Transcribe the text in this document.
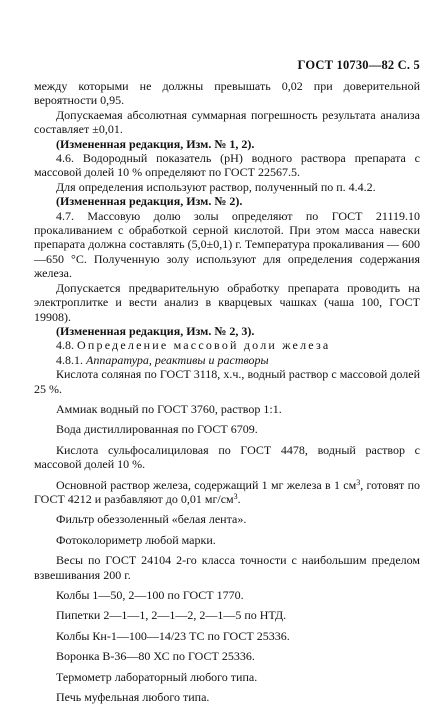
ГОСТ 10730—82 С. 5

между которыми не должны превышать 0,02 при доверительной вероятности 0,95.

Допускаемая абсолютная суммарная погрешность результата анализа составляет ±0,01.

(Измененная редакция, Изм. № 1, 2).

4.6. Водородный показатель (pH) водного раствора препарата с массовой долей 10 % определяют по ГОСТ 22567.5.

Для определения используют раствор, полученный по п. 4.4.2.

(Измененная редакция, Изм. № 2).

4.7. Массовую долю золы определяют по ГОСТ 21119.10 прокаливанием с обработкой серной кислотой. При этом масса навески препарата должна составлять (5,0±0,1) г. Температура прокаливания — 600—650 °С. Полученную золу используют для определения содержания железа.

Допускается предварительную обработку препарата проводить на электроплитке и вести анализ в кварцевых чашках (чаша 100, ГОСТ 19908).

(Измененная редакция, Изм. № 2, 3).

4.8. Определение массовой доли железа

4.8.1. Аппаратура, реактивы и растворы

Кислота соляная по ГОСТ 3118, х.ч., водный раствор с массовой долей 25 %.

Аммиак водный по ГОСТ 3760, раствор 1:1.

Вода дистиллированная по ГОСТ 6709.

Кислота сульфосалициловая по ГОСТ 4478, водный раствор с массовой долей 10 %.

Основной раствор железа, содержащий 1 мг железа в 1 $см^3$, готовят по ГОСТ 4212 и разбавляют до 0,01 $мг/см^3$.

Фильтр обеззоленный «белая лента».

Фотоколориметр любой марки.

Весы по ГОСТ 24104 2-го класса точности с наибольшим пределом взвешивания 200 г.

Колбы 1—50, 2—100 по ГОСТ 1770.

Пипетки 2—1—1, 2—1—2, 2—1—5 по НТД.

Колбы Кн-1—100—14/23 ТС по ГОСТ 25336.

Воронка В-36—80 ХС по ГОСТ 25336.

Термометр лабораторный любого типа.

Печь муфельная любого типа.
